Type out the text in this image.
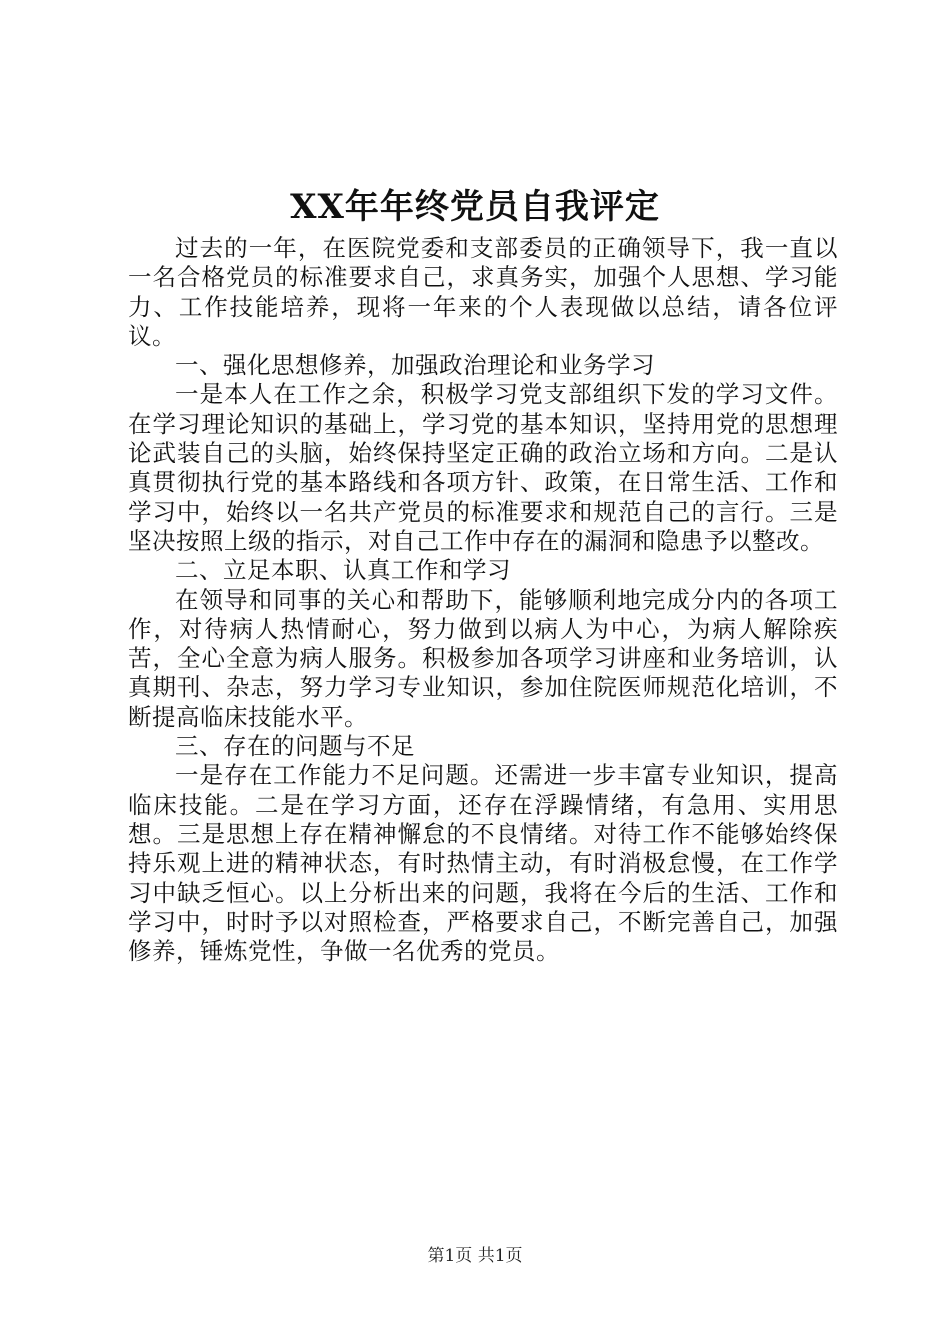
XX年年终党员自我评定

过去的一年，在医院党委和支部委员的正确领导下，我一直以一名合格党员的标准要求自己，求真务实，加强个人思想、学习能力、工作技能培养，现将一年来的个人表现做以总结，请各位评议。

一、强化思想修养，加强政治理论和业务学习

一是本人在工作之余，积极学习党支部组织下发的学习文件。在学习理论知识的基础上，学习党的基本知识，坚持用党的思想理论武装自己的头脑，始终保持坚定正确的政治立场和方向。二是认真贯彻执行党的基本路线和各项方针、政策，在日常生活、工作和学习中，始终以一名共产党员的标准要求和规范自己的言行。三是坚决按照上级的指示，对自己工作中存在的漏洞和隐患予以整改。

二、立足本职、认真工作和学习

在领导和同事的关心和帮助下，能够顺利地完成分内的各项工作，对待病人热情耐心，努力做到以病人为中心，为病人解除疾苦，全心全意为病人服务。积极参加各项学习讲座和业务培训，认真期刊、杂志，努力学习专业知识，参加住院医师规范化培训，不断提高临床技能水平。

三、存在的问题与不足

一是存在工作能力不足问题。还需进一步丰富专业知识，提高临床技能。二是在学习方面，还存在浮躁情绪，有急用、实用思想。三是思想上存在精神懈怠的不良情绪。对待工作不能够始终保持乐观上进的精神状态，有时热情主动，有时消极怠慢，在工作学习中缺乏恒心。以上分析出来的问题，我将在今后的生活、工作和学习中，时时予以对照检查，严格要求自己，不断完善自己，加强修养，锤炼党性，争做一名优秀的党员。

第1页 共1页
